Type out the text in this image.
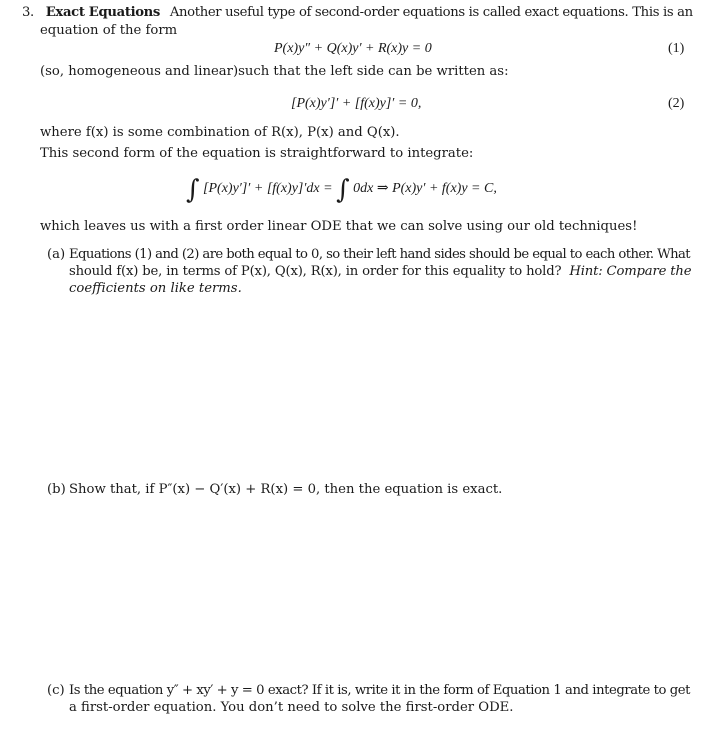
3. Exact Equations Another useful type of second-order equations is called exact equations. This is an
equation of the form
P(x)y″ + Q(x)y′ + R(x)y = 0	(1)
(so, homogeneous and linear)such that the left side can be written as:
[P(x)y′]′ + [f(x)y]′ = 0,	(2)
where f(x) is some combination of R(x), P(x) and Q(x).
This second form of the equation is straightforward to integrate:
∫ [P(x)y′]′ + [f(x)y]′dx = ∫ 0dx ⇒ P(x)y′ + f(x)y = C,
which leaves us with a first order linear ODE that we can solve using our old techniques!
(a) Equations (1) and (2) are both equal to 0, so their left hand sides should be equal to each other. What
should f(x) be, in terms of P(x), Q(x), R(x), in order for this equality to hold? Hint: Compare the
coefficients on like terms.
(b) Show that, if P″(x) − Q′(x) + R(x) = 0, then the equation is exact.
(c) Is the equation y″ + xy′ + y = 0 exact? If it is, write it in the form of Equation 1 and integrate to get
a first-order equation. You don’t need to solve the first-order ODE.
